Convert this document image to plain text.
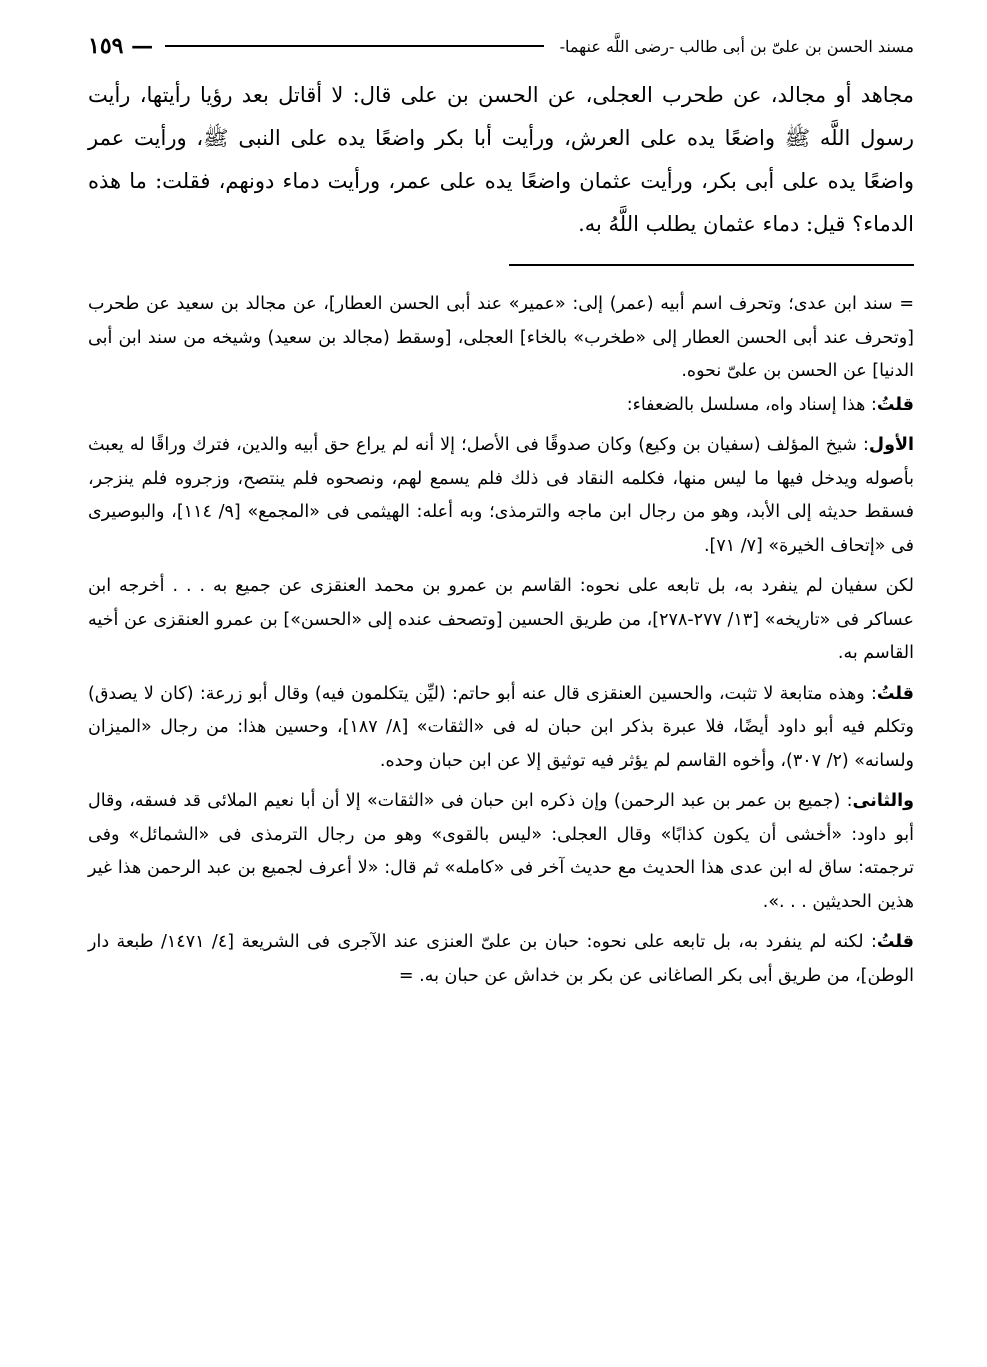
مسند الحسن بن علىّ بن أبى طالب -رضى اللَّه عنهما-
— ١٥٩

مجاهد أو مجالد، عن طحرب العجلى، عن الحسن بن على قال: لا أقاتل بعد رؤيا رأيتها، رأيت رسول اللَّه ﷺ واضعًا يده على العرش، ورأيت أبا بكر واضعًا يده على النبى ﷺ، ورأيت عمر واضعًا يده على أبى بكر، ورأيت عثمان واضعًا يده على عمر، ورأيت دماء دونهم، فقلت: ما هذه الدماء؟ قيل: دماء عثمان يطلب اللَّهُ به.

= سند ابن عدى؛ وتحرف اسم أبيه (عمر) إلى: «عمير» عند أبى الحسن العطار]، عن مجالد بن سعيد عن طحرب [وتحرف عند أبى الحسن العطار إلى «طخرب» بالخاء] العجلى، [وسقط (مجالد بن سعيد) وشيخه من سند ابن أبى الدنيا] عن الحسن بن علىّ نحوه.

قلتُ: هذا إسناد واه، مسلسل بالضعفاء:

الأول: شيخ المؤلف (سفيان بن وكيع) وكان صدوقًا فى الأصل؛ إلا أنه لم يراع حق أبيه والدين، فترك وراقًا له يعبث بأصوله ويدخل فيها ما ليس منها، فكلمه النقاد فى ذلك فلم يسمع لهم، ونصحوه فلم ينتصح، وزجروه فلم ينزجر، فسقط حديثه إلى الأبد، وهو من رجال ابن ماجه والترمذى؛ وبه أعله: الهيثمى فى «المجمع» [٩/ ١١٤]، والبوصيرى فى «إتحاف الخيرة» [٧/ ٧١].

لكن سفيان لم ينفرد به، بل تابعه على نحوه: القاسم بن عمرو بن محمد العنقزى عن جميع به . . . أخرجه ابن عساكر فى «تاريخه» [١٣/ ٢٧٧-٢٧٨]، من طريق الحسين [وتصحف عنده إلى «الحسن»] بن عمرو العنقزى عن أخيه القاسم به.

قلتُ: وهذه متابعة لا تثبت، والحسين العنقزى قال عنه أبو حاتم: (ليِّن يتكلمون فيه) وقال أبو زرعة: (كان لا يصدق) وتكلم فيه أبو داود أيضًا، فلا عبرة بذكر ابن حبان له فى «الثقات» [٨/ ١٨٧]، وحسين هذا: من رجال «الميزان ولسانه» (٢/ ٣٠٧)، وأخوه القاسم لم يؤثر فيه توثيق إلا عن ابن حبان وحده.

والثانى: (جميع بن عمر بن عبد الرحمن) وإن ذكره ابن حبان فى «الثقات» إلا أن أبا نعيم الملائى قد فسقه، وقال أبو داود: «أخشى أن يكون كذابًا» وقال العجلى: «ليس بالقوى» وهو من رجال الترمذى فى «الشمائل» وفى ترجمته: ساق له ابن عدى هذا الحديث مع حديث آخر فى «كامله» ثم قال: «لا أعرف لجميع بن عبد الرحمن هذا غير هذين الحديثين . . .».

قلتُ: لكنه لم ينفرد به، بل تابعه على نحوه: حبان بن علىّ العنزى عند الآجرى فى الشريعة [٤/ ١٤٧١/ طبعة دار الوطن]، من طريق أبى بكر الصاغانى عن بكر بن خداش عن حبان به. =
